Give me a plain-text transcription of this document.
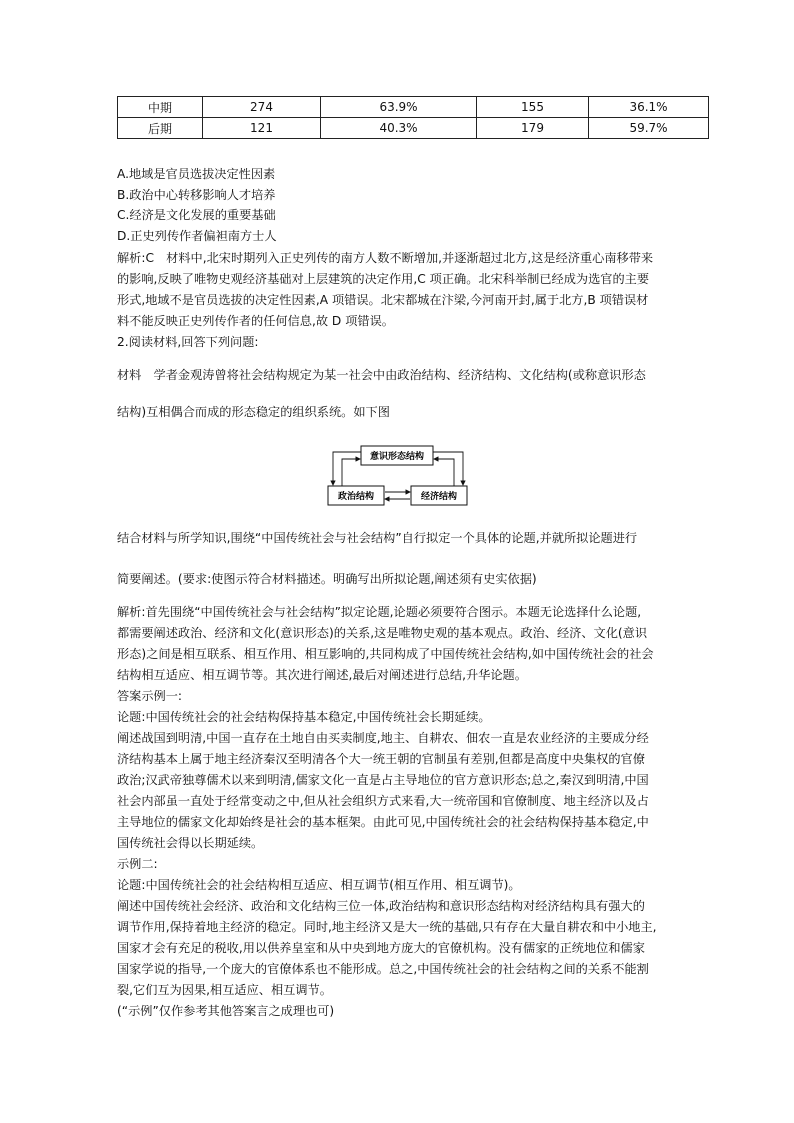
中期	274	63.9%	155	36.1%
后期	121	40.3%	179	59.7%

A.地域是官员选拔决定性因素

B.政治中心转移影响人才培养

C.经济是文化发展的重要基础

D.正史列传作者偏袒南方士人

解析:C　材料中,北宋时期列入正史列传的南方人数不断增加,并逐渐超过北方,这是经济重心南移带来

的影响,反映了唯物史观经济基础对上层建筑的决定作用,C 项正确。北宋科举制已经成为选官的主要

形式,地域不是官员选拔的决定性因素,A 项错误。北宋都城在汴梁,今河南开封,属于北方,B 项错误材

料不能反映正史列传作者的任何信息,故 D 项错误。

2.阅读材料,回答下列问题:

材料　学者金观涛曾将社会结构规定为某一社会中由政治结构、经济结构、文化结构(或称意识形态

结构)互相偶合而成的形态稳定的组织系统。如下图

意识形态结构
政治结构	经济结构

结合材料与所学知识,围绕“中国传统社会与社会结构”自行拟定一个具体的论题,并就所拟论题进行

简要阐述。(要求:使图示符合材料描述。明确写出所拟论题,阐述须有史实依据)

解析:首先围绕“中国传统社会与社会结构”拟定论题,论题必须要符合图示。本题无论选择什么论题,

都需要阐述政治、经济和文化(意识形态)的关系,这是唯物史观的基本观点。政治、经济、文化(意识

形态)之间是相互联系、相互作用、相互影响的,共同构成了中国传统社会结构,如中国传统社会的社会

结构相互适应、相互调节等。其次进行阐述,最后对阐述进行总结,升华论题。

答案示例一:

论题:中国传统社会的社会结构保持基本稳定,中国传统社会长期延续。

阐述战国到明清,中国一直存在土地自由买卖制度,地主、自耕农、佃农一直是农业经济的主要成分经

济结构基本上属于地主经济秦汉至明清各个大一统王朝的官制虽有差别,但都是高度中央集权的官僚

政治;汉武帝独尊儒术以来到明清,儒家文化一直是占主导地位的官方意识形态;总之,秦汉到明清,中国

社会内部虽一直处于经常变动之中,但从社会组织方式来看,大一统帝国和官僚制度、地主经济以及占

主导地位的儒家文化却始终是社会的基本框架。由此可见,中国传统社会的社会结构保持基本稳定,中

国传统社会得以长期延续。

示例二:

论题:中国传统社会的社会结构相互适应、相互调节(相互作用、相互调节)。

阐述中国传统社会经济、政治和文化结构三位一体,政治结构和意识形态结构对经济结构具有强大的

调节作用,保持着地主经济的稳定。同时,地主经济又是大一统的基础,只有存在大量自耕农和中小地主,

国家才会有充足的税收,用以供养皇室和从中央到地方庞大的官僚机构。没有儒家的正统地位和儒家

国家学说的指导,一个庞大的官僚体系也不能形成。总之,中国传统社会的社会结构之间的关系不能割

裂,它们互为因果,相互适应、相互调节。

(“示例”仅作参考其他答案言之成理也可)
